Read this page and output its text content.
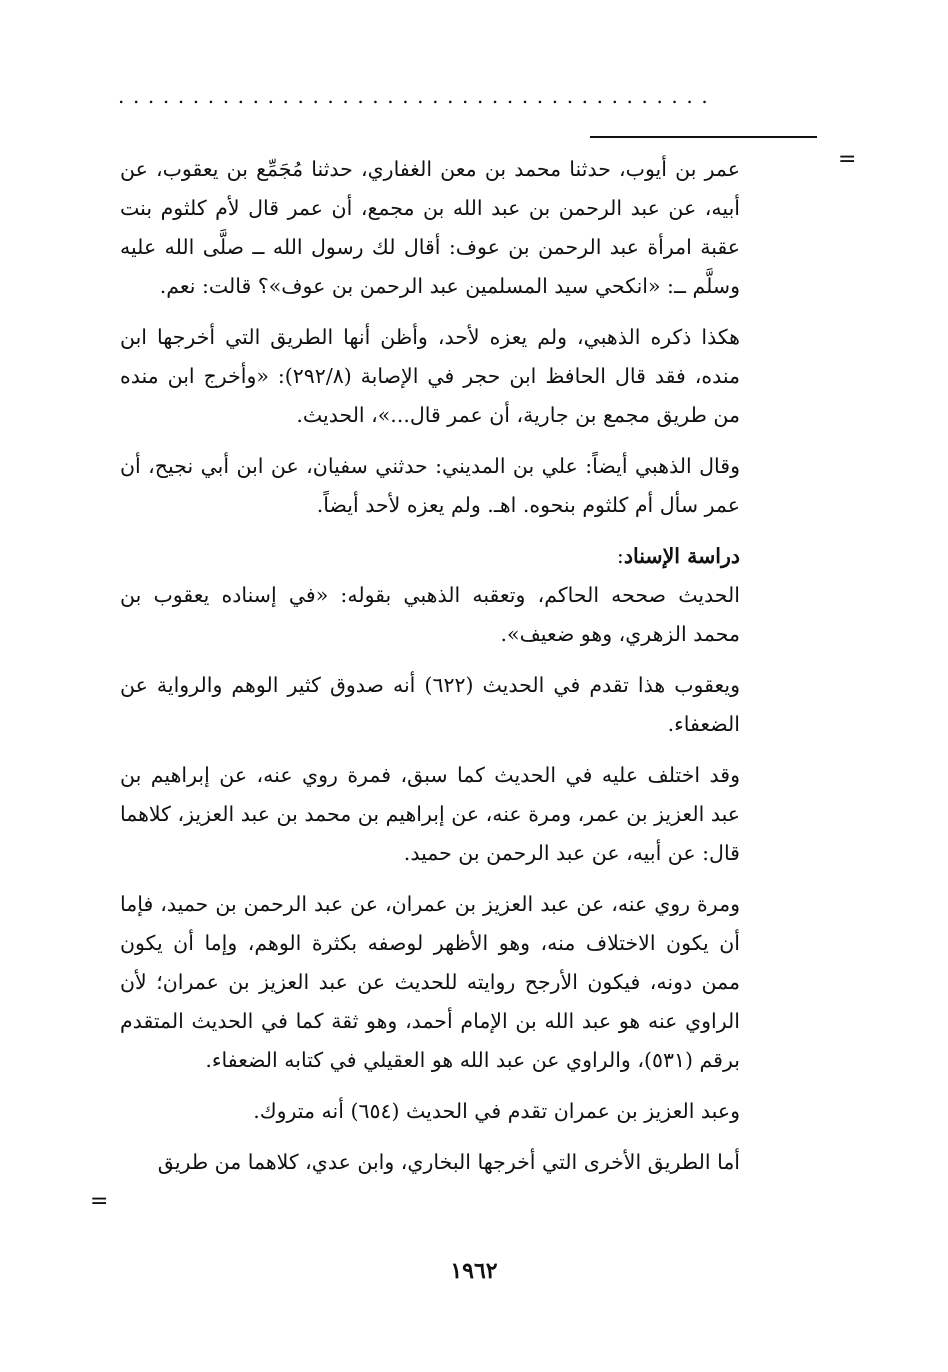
........................................
=

عمر بن أيوب، حدثنا محمد بن معن الغفاري، حدثنا مُجَمِّع بن يعقوب، عن أبيه، عن عبد الرحمن بن عبد الله بن مجمع، أن عمر قال لأم كلثوم بنت عقبة امرأة عبد الرحمن بن عوف: أقال لك رسول الله ــ صلَّى الله عليه وسلَّم ــ: «انكحي سيد المسلمين عبد الرحمن بن عوف»؟ قالت: نعم.

هكذا ذكره الذهبي، ولم يعزه لأحد، وأظن أنها الطريق التي أخرجها ابن منده، فقد قال الحافظ ابن حجر في الإصابة (٢٩٢/٨): «وأخرج ابن منده من طريق مجمع بن جارية، أن عمر قال...»، الحديث.

وقال الذهبي أيضاً: علي بن المديني: حدثني سفيان، عن ابن أبي نجيح، أن عمر سأل أم كلثوم بنحوه. اهـ. ولم يعزه لأحد أيضاً.

دراسة الإسناد:

الحديث صححه الحاكم، وتعقبه الذهبي بقوله: «في إسناده يعقوب بن محمد الزهري، وهو ضعيف».

ويعقوب هذا تقدم في الحديث (٦٢٢) أنه صدوق كثير الوهم والرواية عن الضعفاء.

وقد اختلف عليه في الحديث كما سبق، فمرة روي عنه، عن إبراهيم بن عبد العزيز بن عمر، ومرة عنه، عن إبراهيم بن محمد بن عبد العزيز، كلاهما قال: عن أبيه، عن عبد الرحمن بن حميد.

ومرة روي عنه، عن عبد العزيز بن عمران، عن عبد الرحمن بن حميد، فإما أن يكون الاختلاف منه، وهو الأظهر لوصفه بكثرة الوهم، وإما أن يكون ممن دونه، فيكون الأرجح روايته للحديث عن عبد العزيز بن عمران؛ لأن الراوي عنه هو عبد الله بن الإمام أحمد، وهو ثقة كما في الحديث المتقدم برقم (٥٣١)، والراوي عن عبد الله هو العقيلي في كتابه الضعفاء.

وعبد العزيز بن عمران تقدم في الحديث (٦٥٤) أنه متروك.

أما الطريق الأخرى التي أخرجها البخاري، وابن عدي، كلاهما من طريق

=
١٩٦٢
